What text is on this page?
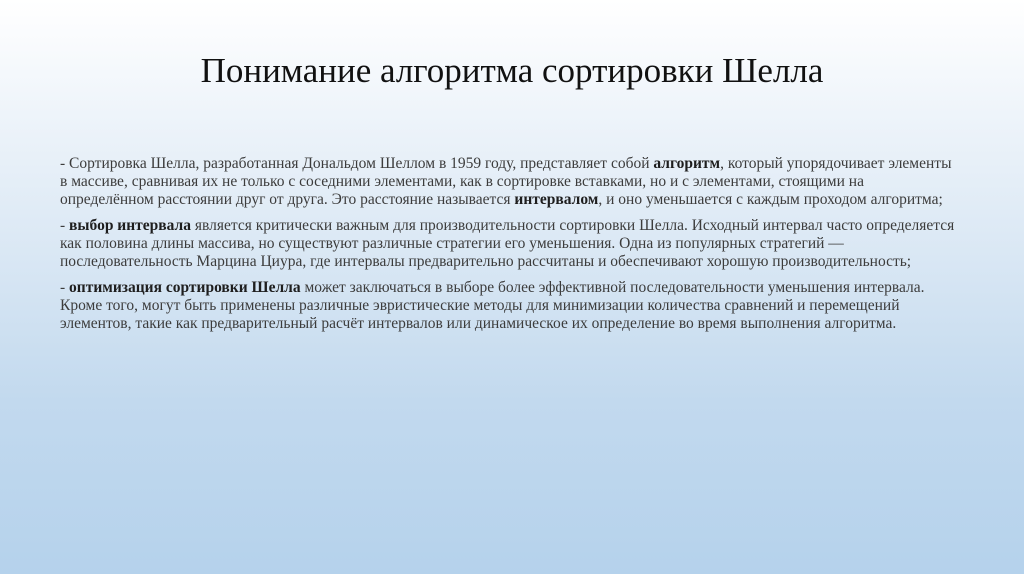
Понимание алгоритма сортировки Шелла

- Сортировка Шелла, разработанная Дональдом Шеллом в 1959 году, представляет собой алгоритм, который упорядочивает элементы в массиве, сравнивая их не только с соседними элементами, как в сортировке вставками, но и с элементами, стоящими на определённом расстоянии друг от друга. Это расстояние называется интервалом, и оно уменьшается с каждым проходом алгоритма;

- выбор интервала является критически важным для производительности сортировки Шелла. Исходный интервал часто определяется как половина длины массива, но существуют различные стратегии его уменьшения. Одна из популярных стратегий — последовательность Марцина Циура, где интервалы предварительно рассчитаны и обеспечивают хорошую производительность;

- оптимизация сортировки Шелла может заключаться в выборе более эффективной последовательности уменьшения интервала. Кроме того, могут быть применены различные эвристические методы для минимизации количества сравнений и перемещений элементов, такие как предварительный расчёт интервалов или динамическое их определение во время выполнения алгоритма.
